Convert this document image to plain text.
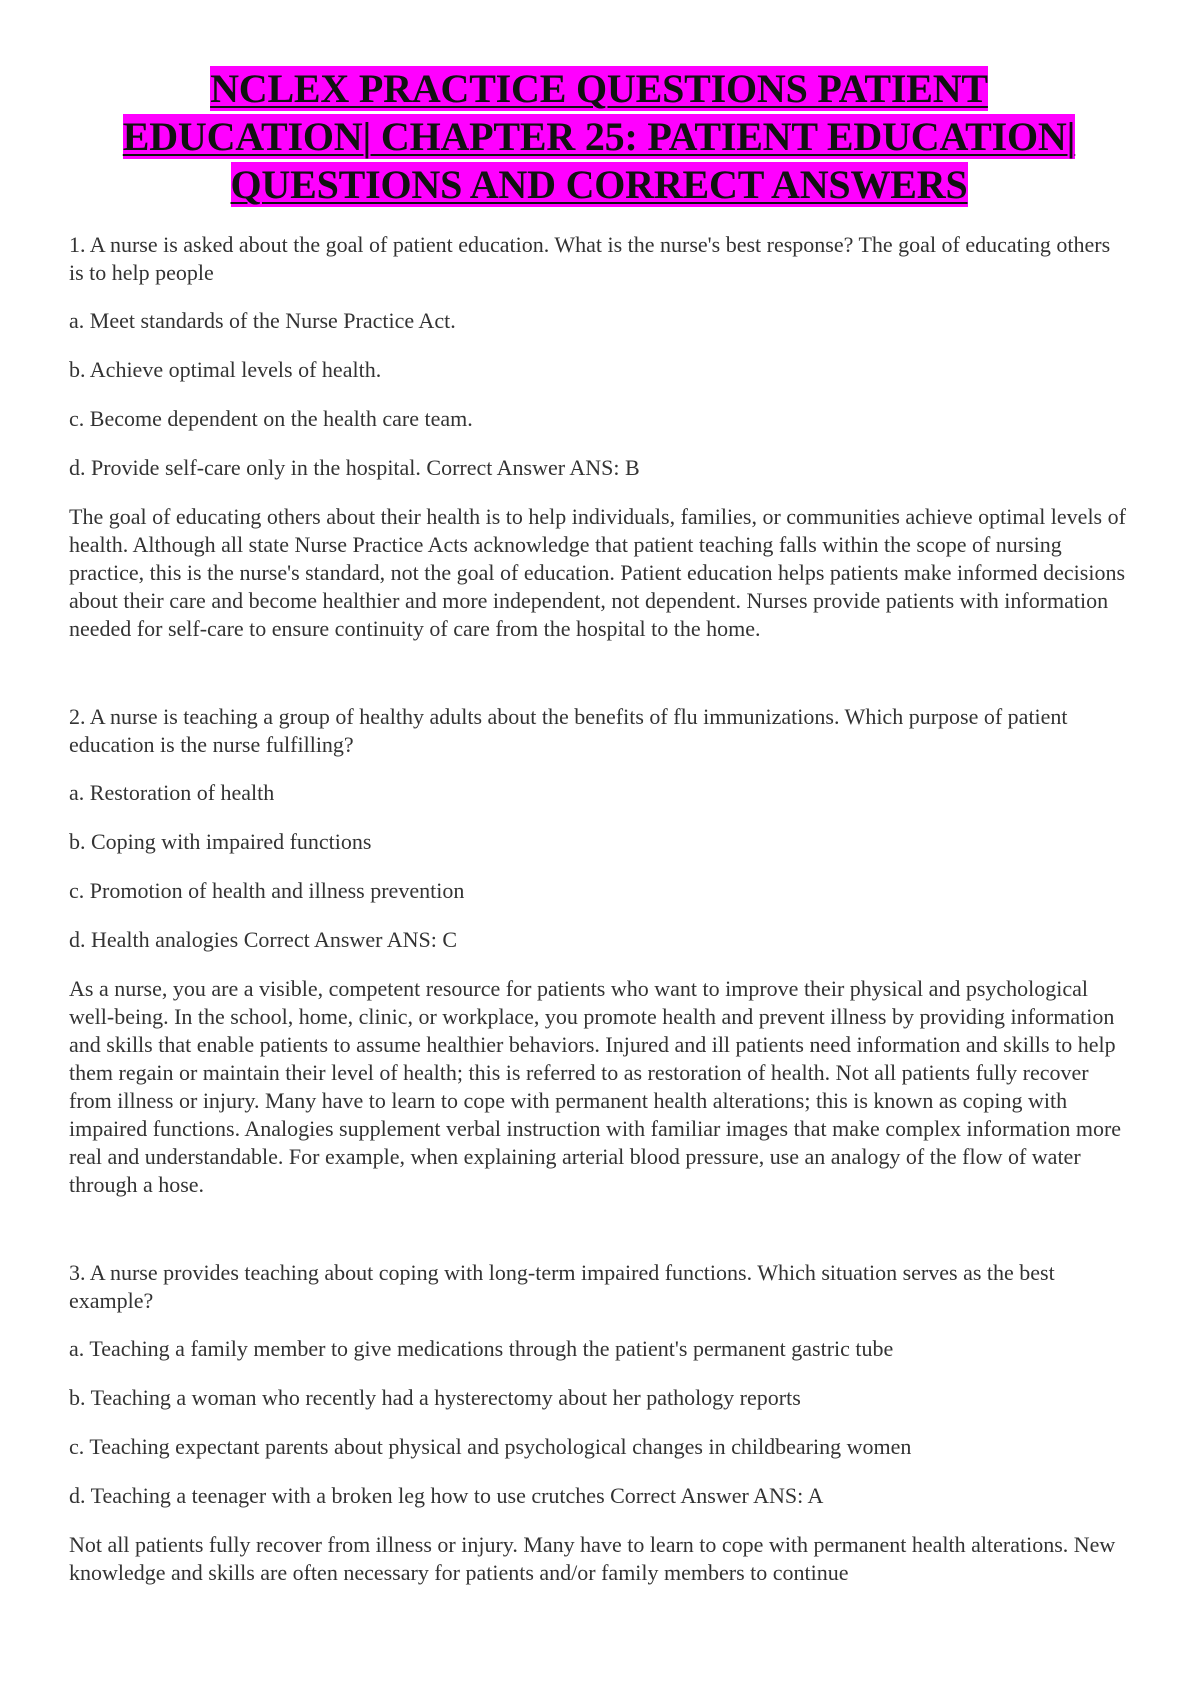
NCLEX PRACTICE QUESTIONS PATIENT
EDUCATION| CHAPTER 25: PATIENT EDUCATION|
QUESTIONS AND CORRECT ANSWERS

1. A nurse is asked about the goal of patient education. What is the nurse's best response? The goal of educating others is to help people

a. Meet standards of the Nurse Practice Act.

b. Achieve optimal levels of health.

c. Become dependent on the health care team.

d. Provide self-care only in the hospital. Correct Answer ANS: B

The goal of educating others about their health is to help individuals, families, or communities achieve optimal levels of health. Although all state Nurse Practice Acts acknowledge that patient teaching falls within the scope of nursing practice, this is the nurse's standard, not the goal of education. Patient education helps patients make informed decisions about their care and become healthier and more independent, not dependent. Nurses provide patients with information needed for self-care to ensure continuity of care from the hospital to the home.

2. A nurse is teaching a group of healthy adults about the benefits of flu immunizations. Which purpose of patient education is the nurse fulfilling?

a. Restoration of health

b. Coping with impaired functions

c. Promotion of health and illness prevention

d. Health analogies Correct Answer ANS: C

As a nurse, you are a visible, competent resource for patients who want to improve their physical and psychological well-being. In the school, home, clinic, or workplace, you promote health and prevent illness by providing information and skills that enable patients to assume healthier behaviors. Injured and ill patients need information and skills to help them regain or maintain their level of health; this is referred to as restoration of health. Not all patients fully recover from illness or injury. Many have to learn to cope with permanent health alterations; this is known as coping with impaired functions. Analogies supplement verbal instruction with familiar images that make complex information more real and understandable. For example, when explaining arterial blood pressure, use an analogy of the flow of water through a hose.

3. A nurse provides teaching about coping with long-term impaired functions. Which situation serves as the best example?

a. Teaching a family member to give medications through the patient's permanent gastric tube

b. Teaching a woman who recently had a hysterectomy about her pathology reports

c. Teaching expectant parents about physical and psychological changes in childbearing women

d. Teaching a teenager with a broken leg how to use crutches Correct Answer ANS: A

Not all patients fully recover from illness or injury. Many have to learn to cope with permanent health alterations. New knowledge and skills are often necessary for patients and/or family members to continue
